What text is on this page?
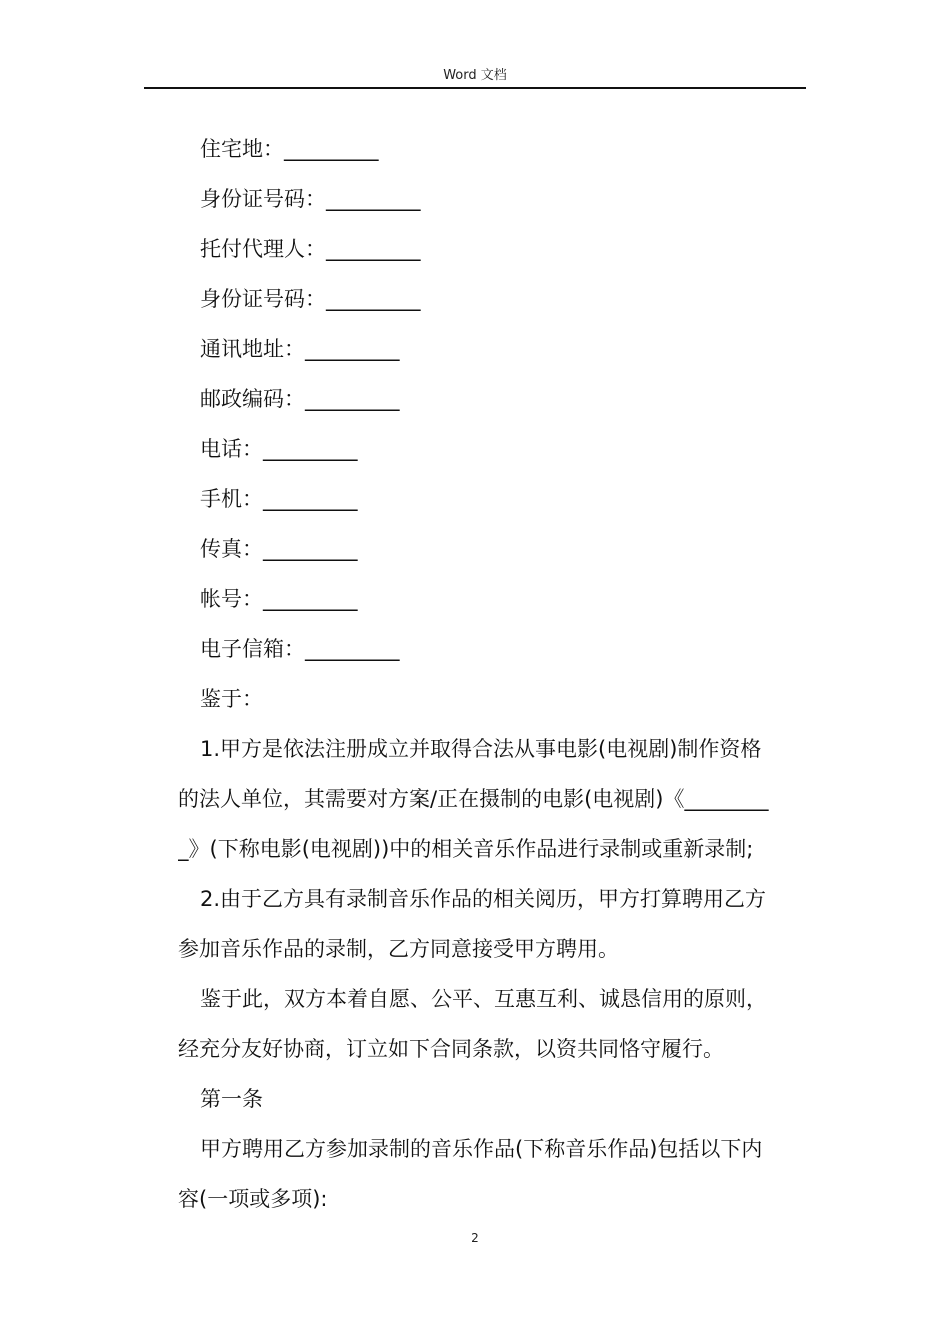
Word 文档
住宅地：_________
身份证号码：_________
托付代理人：_________
身份证号码：_________
通讯地址：_________
邮政编码：_________
电话：_________
手机：_________
传真：_________
帐号：_________
电子信箱：_________
鉴于：
1.甲方是依法注册成立并取得合法从事电影(电视剧)制作资格
的法人单位，其需要对方案/正在摄制的电影(电视剧)《________
_》(下称电影(电视剧))中的相关音乐作品进行录制或重新录制;
2.由于乙方具有录制音乐作品的相关阅历，甲方打算聘用乙方
参加音乐作品的录制，乙方同意接受甲方聘用。
鉴于此，双方本着自愿、公平、互惠互利、诚恳信用的原则，
经充分友好协商，订立如下合同条款，以资共同恪守履行。
第一条
甲方聘用乙方参加录制的音乐作品(下称音乐作品)包括以下内
容(一项或多项):
2
